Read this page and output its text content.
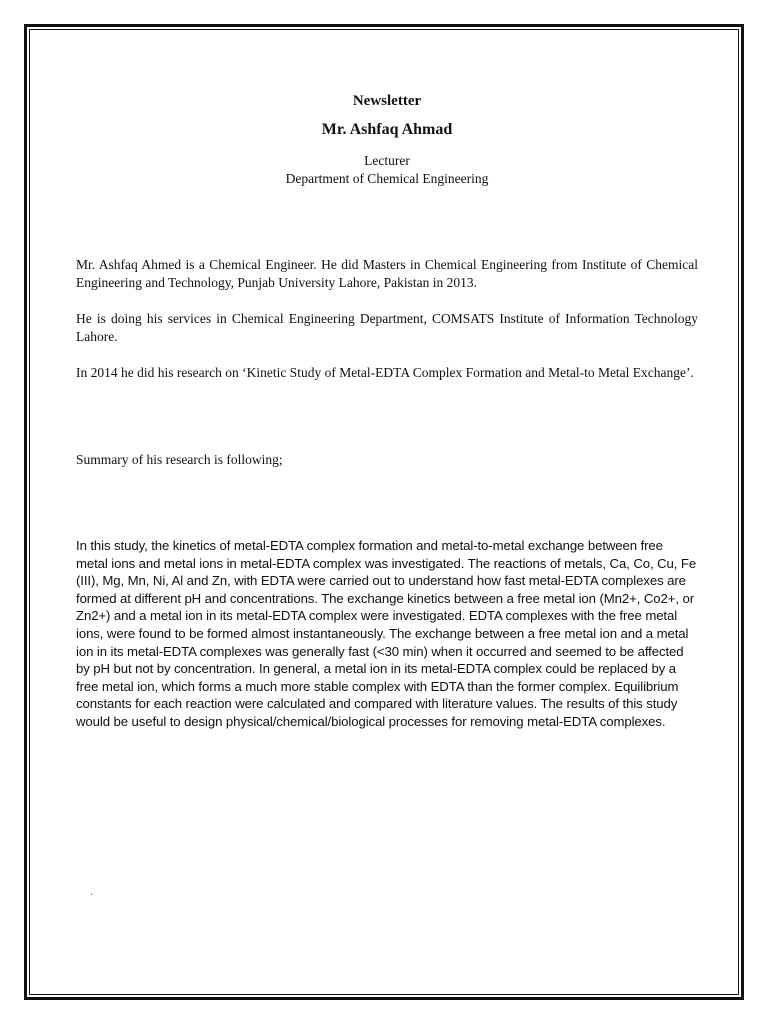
Newsletter

Mr. Ashfaq Ahmad

Lecturer

Department of Chemical Engineering

Mr. Ashfaq Ahmed is a Chemical Engineer. He did Masters in Chemical Engineering from Institute of Chemical Engineering and Technology, Punjab University Lahore, Pakistan in 2013.

He is doing his services in Chemical Engineering Department, COMSATS Institute of Information Technology Lahore.

In 2014 he did his research on ‘Kinetic Study of Metal-EDTA Complex Formation and Metal-to Metal Exchange’.

Summary of his research is following;

In this study, the kinetics of metal-EDTA complex formation and metal-to-metal exchange between free metal ions and metal ions in metal-EDTA complex was investigated. The reactions of metals, Ca, Co, Cu, Fe (III), Mg, Mn, Ni, Al and Zn, with EDTA were carried out to understand how fast metal-EDTA complexes are formed at different pH and concentrations. The exchange kinetics between a free metal ion (Mn2+, Co2+, or Zn2+) and a metal ion in its metal-EDTA complex were investigated. EDTA complexes with the free metal ions, were found to be formed almost instantaneously. The exchange between a free metal ion and a metal ion in its metal-EDTA complexes was generally fast (<30 min) when it occurred and seemed to be affected by pH but not by concentration. In general, a metal ion in its metal-EDTA complex could be replaced by a free metal ion, which forms a much more stable complex with EDTA than the former complex. Equilibrium constants for each reaction were calculated and compared with literature values. The results of this study would be useful to design physical/chemical/biological processes for removing metal-EDTA complexes.

.
